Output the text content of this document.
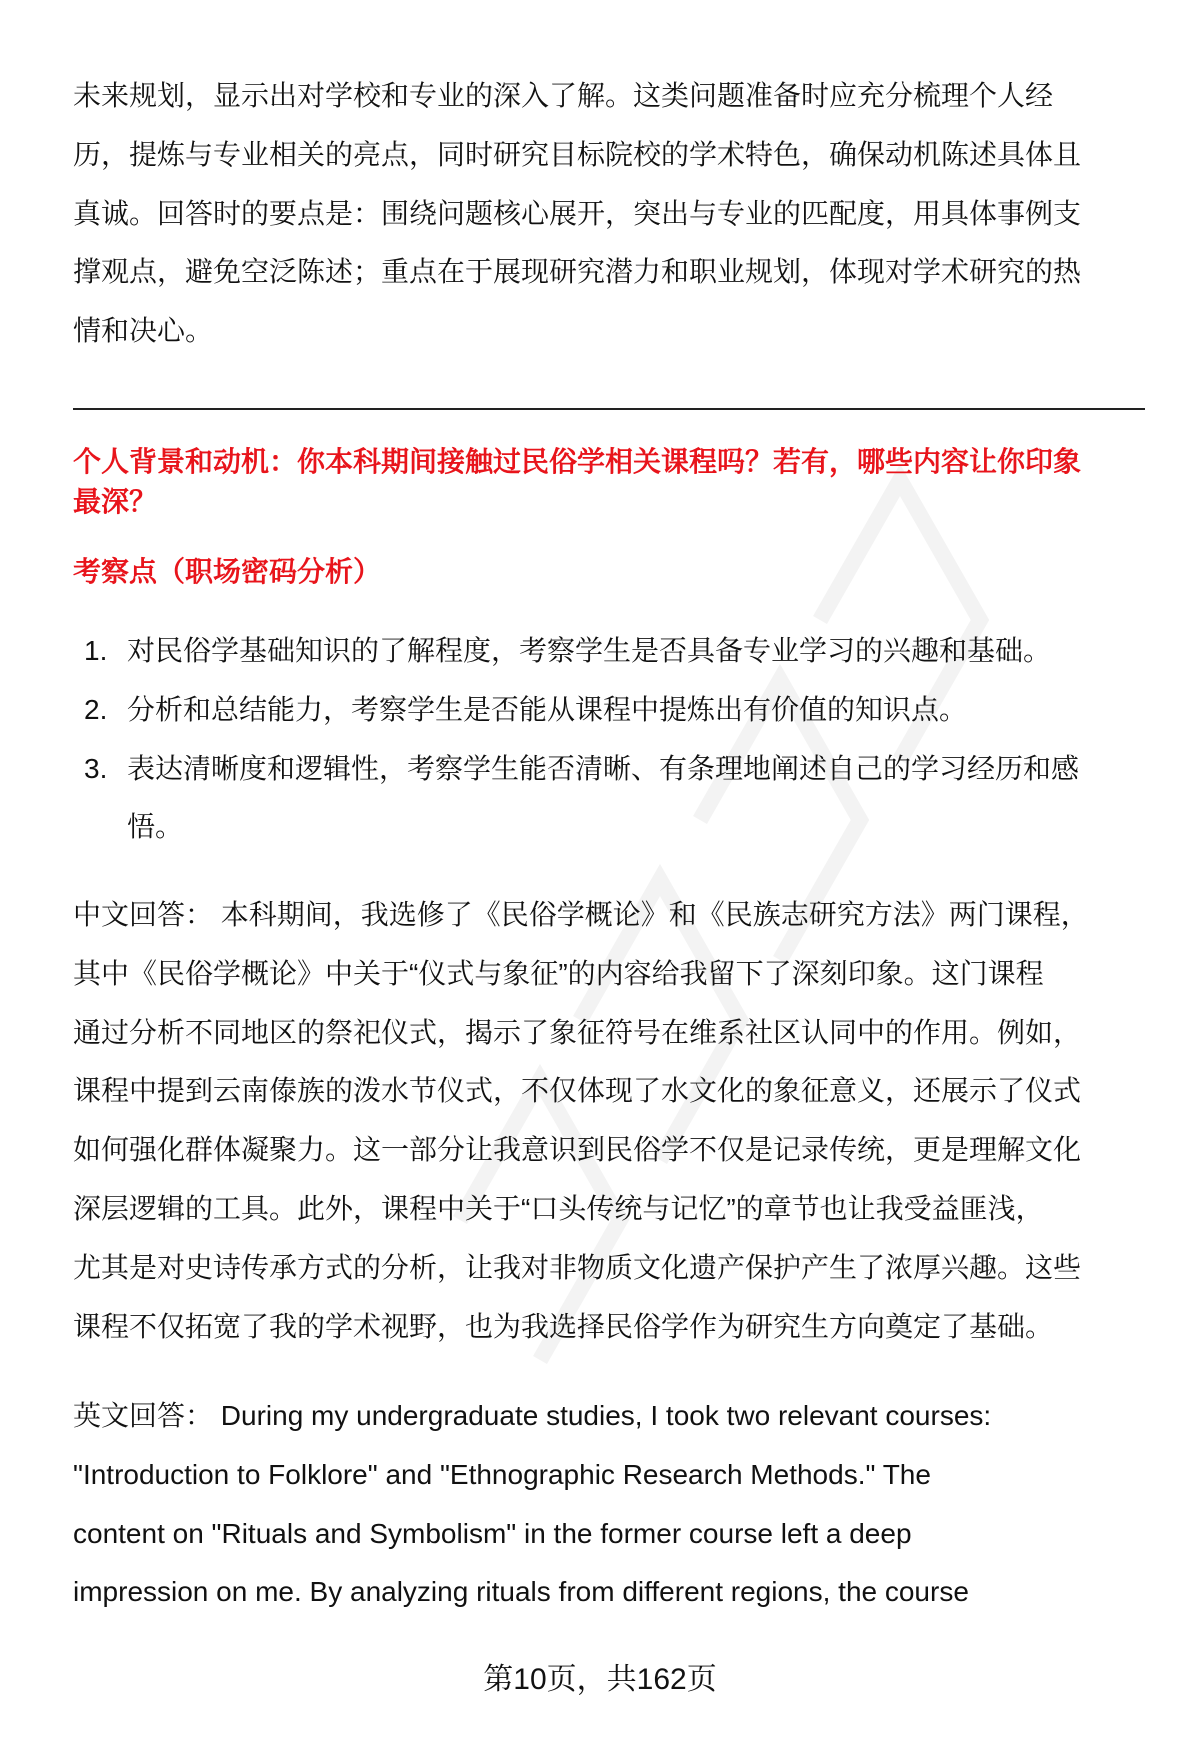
未来规划，显示出对学校和专业的深入了解。这类问题准备时应充分梳理个人经
历，提炼与专业相关的亮点，同时研究目标院校的学术特色，确保动机陈述具体且
真诚。回答时的要点是：围绕问题核心展开，突出与专业的匹配度，用具体事例支
撑观点，避免空泛陈述；重点在于展现研究潜力和职业规划，体现对学术研究的热
情和决心。
个人背景和动机：你本科期间接触过民俗学相关课程吗？若有，哪些内容让你印象
最深？
考察点（职场密码分析）
1. 对民俗学基础知识的了解程度，考察学生是否具备专业学习的兴趣和基础。
2. 分析和总结能力，考察学生是否能从课程中提炼出有价值的知识点。
3. 表达清晰度和逻辑性，考察学生能否清晰、有条理地阐述自己的学习经历和感
悟。
中文回答： 本科期间，我选修了《民俗学概论》和《民族志研究方法》两门课程，
其中《民俗学概论》中关于“仪式与象征”的内容给我留下了深刻印象。这门课程
通过分析不同地区的祭祀仪式，揭示了象征符号在维系社区认同中的作用。例如，
课程中提到云南傣族的泼水节仪式，不仅体现了水文化的象征意义，还展示了仪式
如何强化群体凝聚力。这一部分让我意识到民俗学不仅是记录传统，更是理解文化
深层逻辑的工具。此外，课程中关于“口头传统与记忆”的章节也让我受益匪浅，
尤其是对史诗传承方式的分析，让我对非物质文化遗产保护产生了浓厚兴趣。这些
课程不仅拓宽了我的学术视野，也为我选择民俗学作为研究生方向奠定了基础。
英文回答： During my undergraduate studies, I took two relevant courses:
"Introduction to Folklore" and "Ethnographic Research Methods." The
content on "Rituals and Symbolism" in the former course left a deep
impression on me. By analyzing rituals from different regions, the course
第10页，共162页
